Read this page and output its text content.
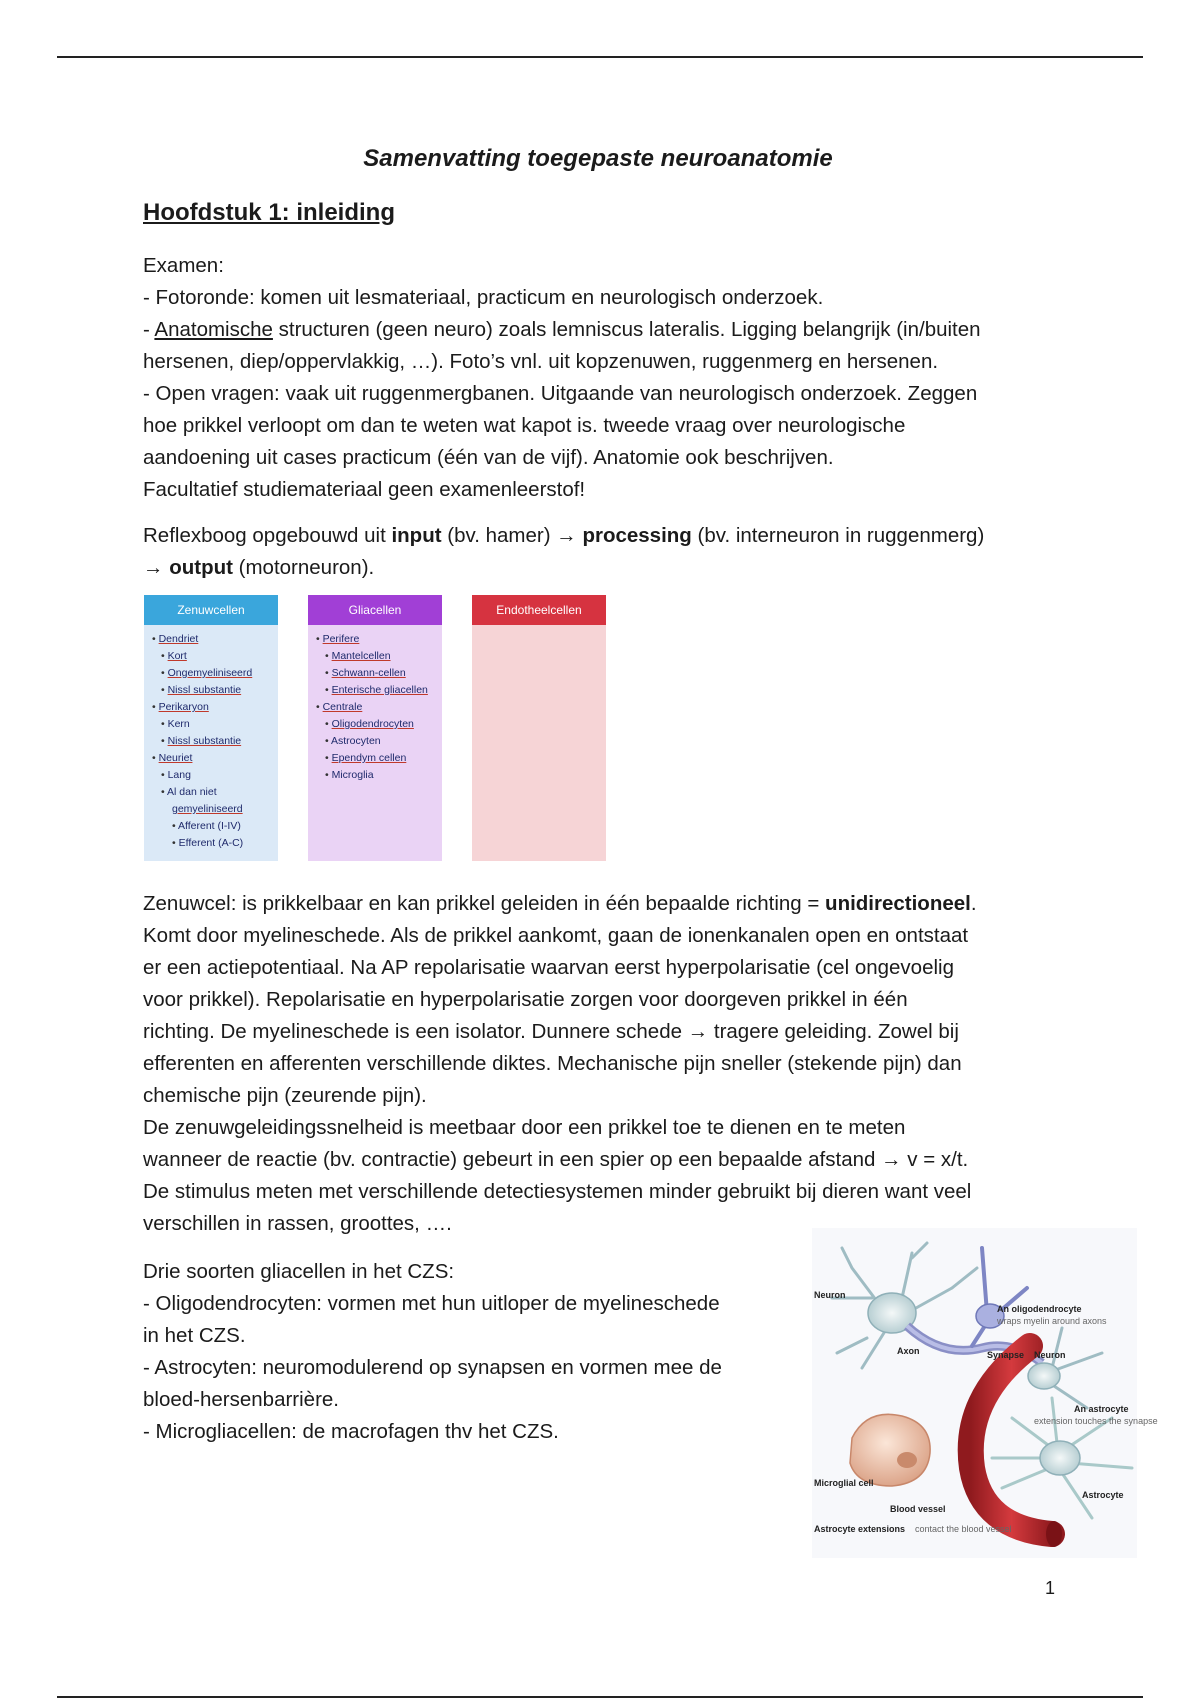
Samenvatting toegepaste neuroanatomie
Hoofdstuk 1: inleiding
Examen:
- Fotoronde: komen uit lesmateriaal, practicum en neurologisch onderzoek.
- Anatomische structuren (geen neuro) zoals lemniscus lateralis. Ligging belangrijk (in/buiten
hersenen, diep/oppervlakkig, …). Foto’s vnl. uit kopzenuwen, ruggenmerg en hersenen.
- Open vragen: vaak uit ruggenmergbanen. Uitgaande van neurologisch onderzoek. Zeggen
hoe prikkel verloopt om dan te weten wat kapot is. tweede vraag over neurologische
aandoening uit cases practicum (één van de vijf). Anatomie ook beschrijven.
Facultatief studiemateriaal geen examenleerstof!
Reflexboog opgebouwd uit input (bv. hamer) → processing (bv. interneuron in ruggenmerg)
→ output (motorneuron).
Zenuwcellen
• Dendriet
• Kort
• Ongemyeliniseerd
• Nissl substantie
• Perikaryon
• Kern
• Nissl substantie
• Neuriet
• Lang
• Al dan niet
gemyeliniseerd
• Afferent (I-IV)
• Efferent (A-C)
Gliacellen
• Perifere
• Mantelcellen
• Schwann-cellen
• Enterische gliacellen
• Centrale
• Oligodendrocyten
• Astrocyten
• Ependym cellen
• Microglia
Endotheelcellen
Zenuwcel: is prikkelbaar en kan prikkel geleiden in één bepaalde richting = unidirectioneel.
Komt door myelineschede. Als de prikkel aankomt, gaan de ionenkanalen open en ontstaat
er een actiepotentiaal. Na AP repolarisatie waarvan eerst hyperpolarisatie (cel ongevoelig
voor prikkel). Repolarisatie en hyperpolarisatie zorgen voor doorgeven prikkel in één
richting. De myelineschede is een isolator. Dunnere schede → tragere geleiding. Zowel bij
efferenten en afferenten verschillende diktes. Mechanische pijn sneller (stekende pijn) dan
chemische pijn (zeurende pijn).
De zenuwgeleidingssnelheid is meetbaar door een prikkel toe te dienen en te meten
wanneer de reactie (bv. contractie) gebeurt in een spier op een bepaalde afstand → v = x/t.
De stimulus meten met verschillende detectiesystemen minder gebruikt bij dieren want veel
verschillen in rassen, groottes, ….
Drie soorten gliacellen in het CZS:
- Oligodendrocyten: vormen met hun uitloper de myelineschede
in het CZS.
- Astrocyten: neuromodulerend op synapsen en vormen mee de
bloed-hersenbarrière.
- Microgliacellen: de macrofagen thv het CZS.
Neuron
An oligodendrocyte
wraps myelin around axons
Axon	Synapse Neuron
An astrocyte
extension touches the synapse
Microglial cell
Astrocyte
Blood vessel
Astrocyte extensions contact the blood vessel
1
